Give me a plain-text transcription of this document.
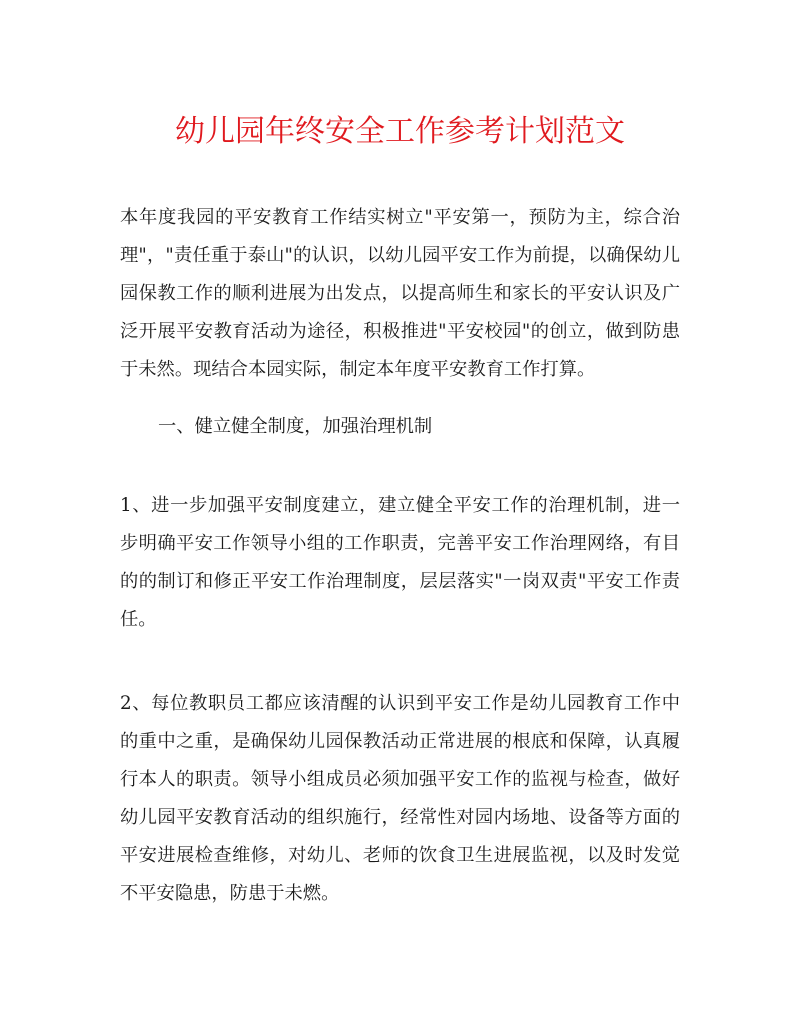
幼儿园年终安全工作参考计划范文

本年度我园的平安教育工作结实树立"平安第一，预防为主，综合治理"，"责任重于泰山"的认识，以幼儿园平安工作为前提，以确保幼儿园保教工作的顺利进展为出发点，以提高师生和家长的平安认识及广泛开展平安教育活动为途径，积极推进"平安校园"的创立，做到防患于未然。现结合本园实际，制定本年度平安教育工作打算。

一、健立健全制度，加强治理机制

1、进一步加强平安制度建立，建立健全平安工作的治理机制，进一步明确平安工作领导小组的工作职责，完善平安工作治理网络，有目的的制订和修正平安工作治理制度，层层落实"一岗双责"平安工作责任。

2、每位教职员工都应该清醒的认识到平安工作是幼儿园教育工作中的重中之重，是确保幼儿园保教活动正常进展的根底和保障，认真履行本人的职责。领导小组成员必须加强平安工作的监视与检查，做好幼儿园平安教育活动的组织施行，经常性对园内场地、设备等方面的平安进展检查维修，对幼儿、老师的饮食卫生进展监视，以及时发觉不平安隐患，防患于未燃。
